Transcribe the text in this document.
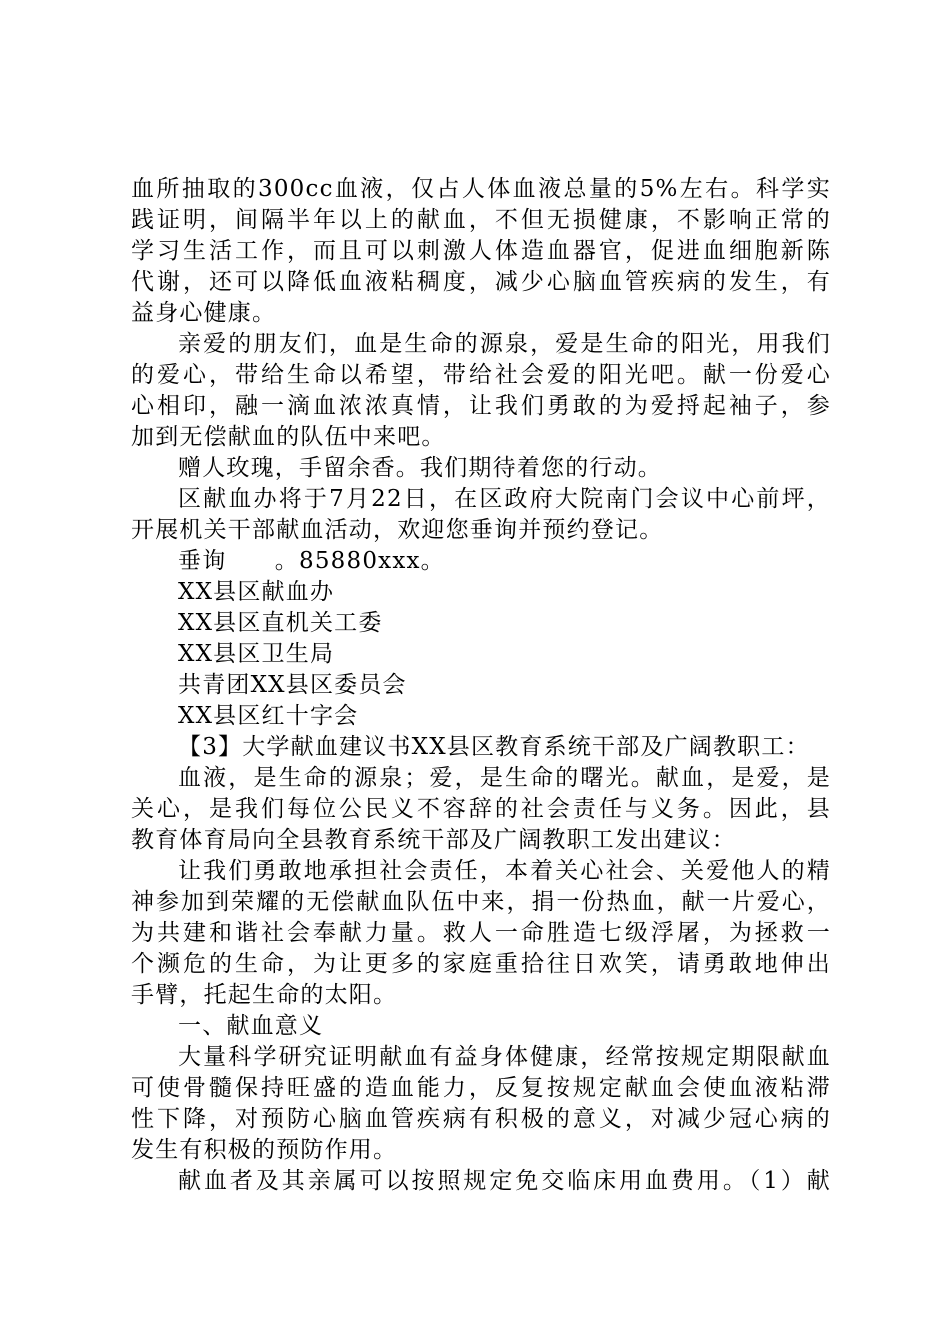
血所抽取的300cc血液，仅占人体血液总量的5%左右。科学实
践证明，间隔半年以上的献血，不但无损健康，不影响正常的
学习生活工作，而且可以刺激人体造血器官，促进血细胞新陈
代谢，还可以降低血液粘稠度，减少心脑血管疾病的发生，有
益身心健康。
亲爱的朋友们，血是生命的源泉，爱是生命的阳光，用我们
的爱心，带给生命以希望，带给社会爱的阳光吧。献一份爱心
心相印，融一滴血浓浓真情，让我们勇敢的为爱捋起袖子，参
加到无偿献血的队伍中来吧。
赠人玫瑰，手留余香。我们期待着您的行动。
区献血办将于7月22日，在区政府大院南门会议中心前坪，
开展机关干部献血活动，欢迎您垂询并预约登记。
垂询　　。85880xxx。
XX县区献血办
XX县区直机关工委
XX县区卫生局
共青团XX县区委员会
XX县区红十字会
【3】大学献血建议书XX县区教育系统干部及广阔教职工：
血液，是生命的源泉；爱，是生命的曙光。献血，是爱，是
关心，是我们每位公民义不容辞的社会责任与义务。因此，县
教育体育局向全县教育系统干部及广阔教职工发出建议：
让我们勇敢地承担社会责任，本着关心社会、关爱他人的精
神参加到荣耀的无偿献血队伍中来，捐一份热血，献一片爱心，
为共建和谐社会奉献力量。救人一命胜造七级浮屠，为拯救一
个濒危的生命，为让更多的家庭重拾往日欢笑，请勇敢地伸出
手臂，托起生命的太阳。
一、献血意义
大量科学研究证明献血有益身体健康，经常按规定期限献血
可使骨髓保持旺盛的造血能力，反复按规定献血会使血液粘滞
性下降，对预防心脑血管疾病有积极的意义，对减少冠心病的
发生有积极的预防作用。
献血者及其亲属可以按照规定免交临床用血费用。（1）献
